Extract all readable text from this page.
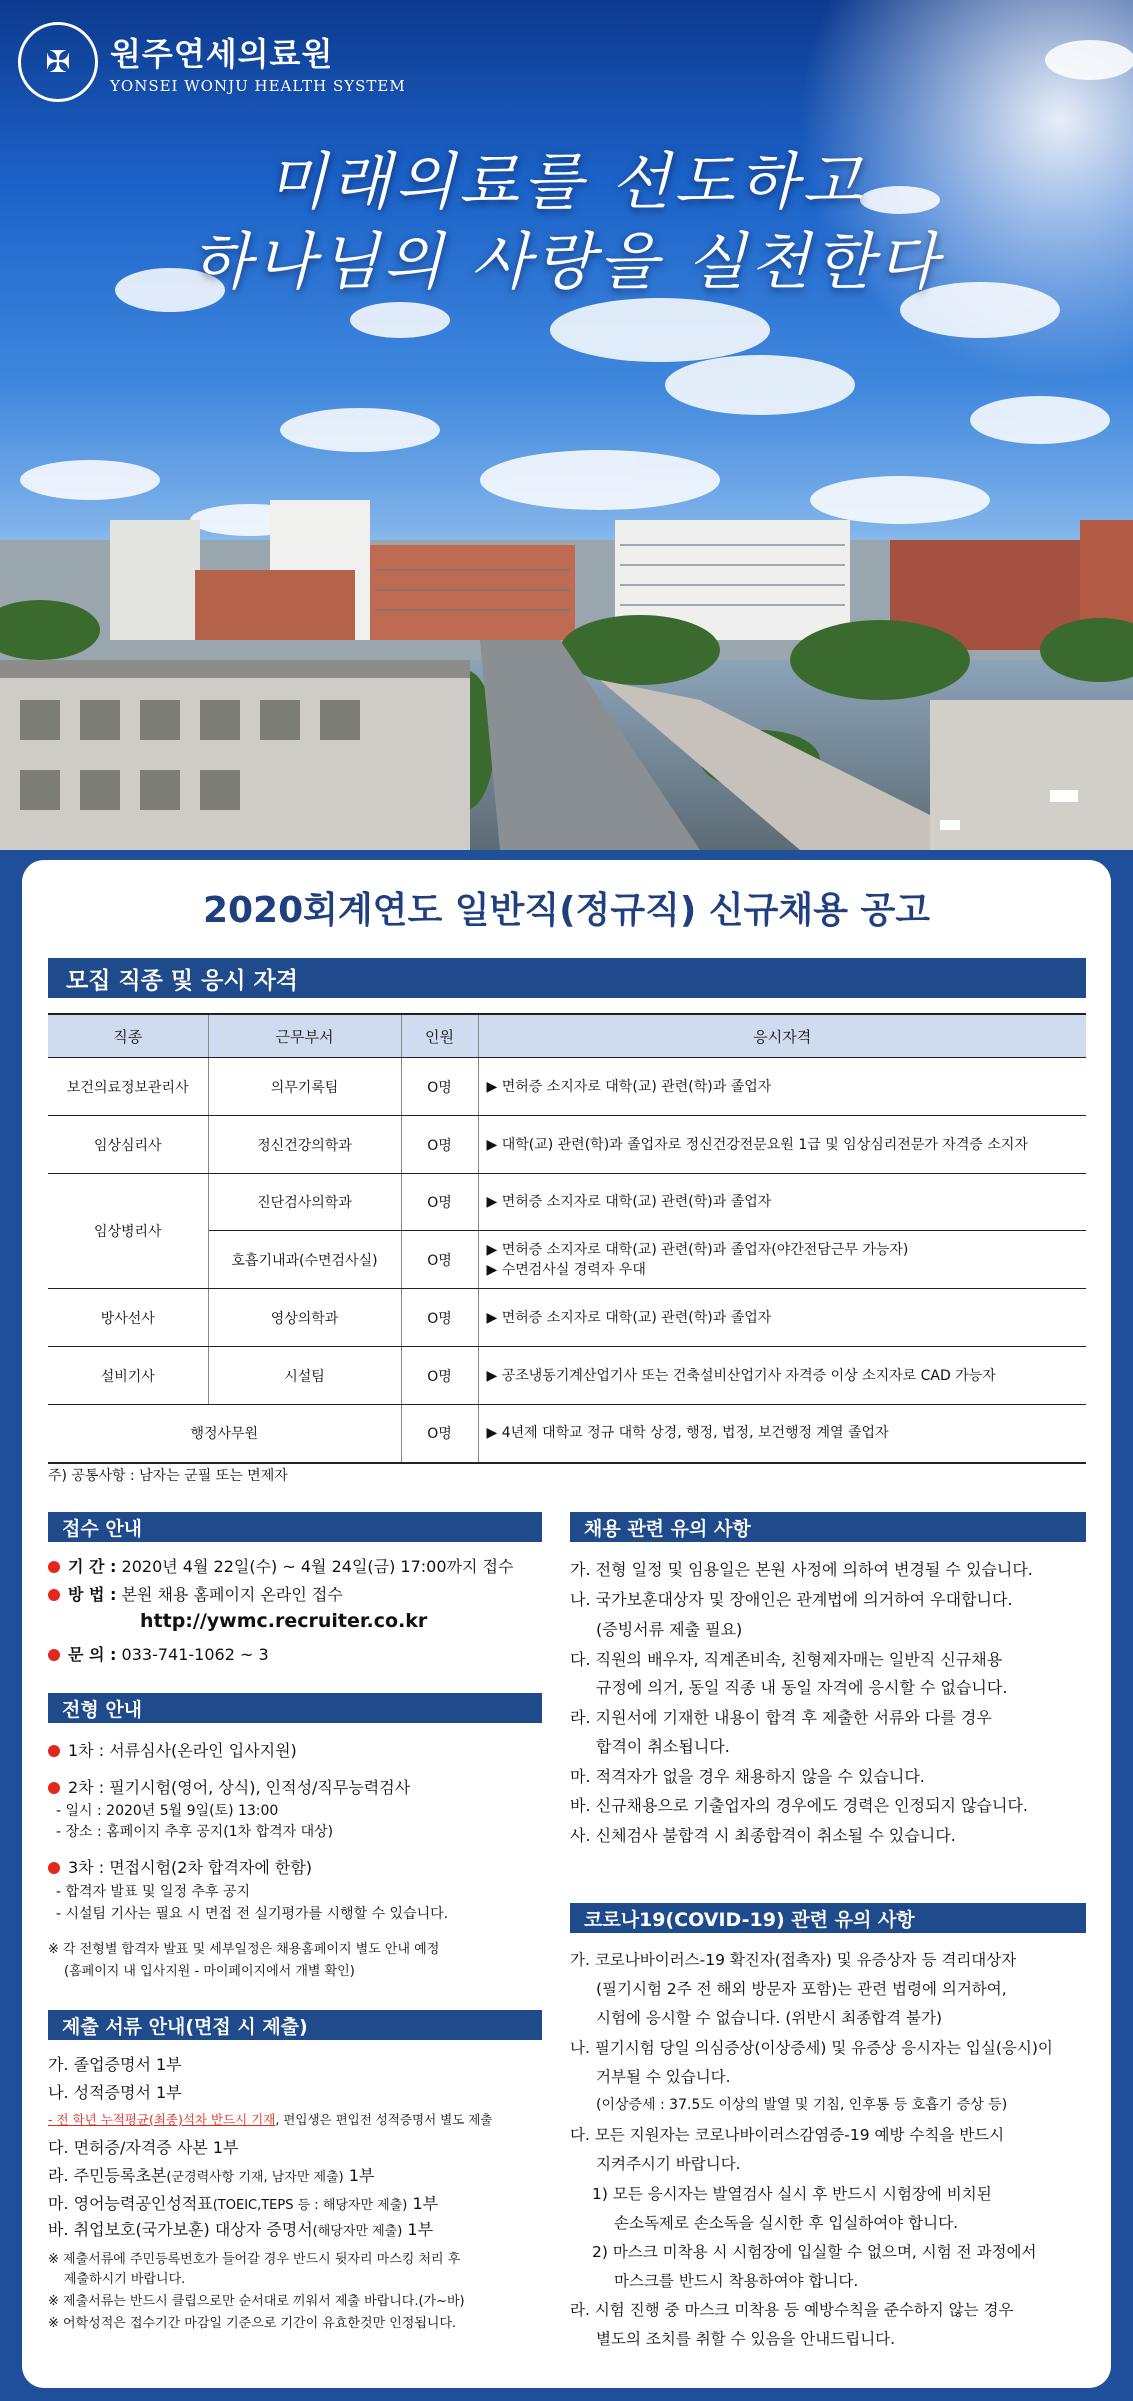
✠	원주연세의료원
YONSEI WONJU HEALTH SYSTEM
미래의료를 선도하고
하나님의 사랑을 실천한다
2020회계연도 일반직(정규직) 신규채용 공고
모집 직종 및 응시 자격
직종	근무부서	인원	응시자격
보건의료정보관리사	의무기록팀	O명	▶ 면허증 소지자로 대학(교) 관련(학)과 졸업자

임상심리사	정신건강의학과	O명	▶ 대학(교) 관련(학)과 졸업자로 정신건강전문요원 1급 및 임상심리전문가 자격증 소지자

임상병리사	진단검사의학과	O명	▶ 면허증 소지자로 대학(교) 관련(학)과 졸업자

	호흡기내과(수면검사실)	O명	▶ 면허증 소지자로 대학(교) 관련(학)과 졸업자(야간전담근무 가능자)
▶ 수면검사실 경력자 우대

방사선사	영상의학과	O명	▶ 면허증 소지자로 대학(교) 관련(학)과 졸업자

설비기사	시설팀	O명	▶ 공조냉동기계산업기사 또는 건축설비산업기사 자격증 이상 소지자로 CAD 가능자

행정사무원		O명	▶ 4년제 대학교 정규 대학 상경, 행정, 법정, 보건행정 계열 졸업자
주) 공통사항 : 남자는 군필 또는 면제자
접수 안내
기 간 : 2020년 4월 22일(수) ~ 4월 24일(금) 17:00까지 접수
방 법 : 본원 채용 홈페이지 온라인 접수
http://ywmc.recruiter.co.kr
문 의 : 033-741-1062 ~ 3
전형 안내
1차 : 서류심사(온라인 입사지원)
2차 : 필기시험(영어, 상식), 인적성/직무능력검사
- 일시 : 2020년 5월 9일(토) 13:00
- 장소 : 홈페이지 추후 공지(1차 합격자 대상)
3차 : 면접시험(2차 합격자에 한함)
- 합격자 발표 및 일정 추후 공지
- 시설팀 기사는 필요 시 면접 전 실기평가를 시행할 수 있습니다.
※ 각 전형별 합격자 발표 및 세부일정은 채용홈페이지 별도 안내 예정
(홈페이지 내 입사지원 - 마이페이지에서 개별 확인)
제출 서류 안내(면접 시 제출)
가. 졸업증명서 1부
나. 성적증명서 1부
- 전 학년 누적평균(최종)석차 반드시 기재, 편입생은 편입전 성적증명서 별도 제출
다. 면허증/자격증 사본 1부
라. 주민등록초본(군경력사항 기재, 남자만 제출) 1부
마. 영어능력공인성적표(TOEIC,TEPS 등 : 해당자만 제출) 1부
바. 취업보호(국가보훈) 대상자 증명서(해당자만 제출) 1부
※ 제출서류에 주민등록번호가 들어갈 경우 반드시 뒷자리 마스킹 처리 후
제출하시기 바랍니다.
※ 제출서류는 반드시 클립으로만 순서대로 끼워서 제출 바랍니다.(가~바)
※ 어학성적은 접수기간 마감일 기준으로 기간이 유효한것만 인정됩니다.
채용 관련 유의 사항
가. 전형 일정 및 임용일은 본원 사정에 의하여 변경될 수 있습니다.
나. 국가보훈대상자 및 장애인은 관계법에 의거하여 우대합니다.
(증빙서류 제출 필요)
다. 직원의 배우자, 직계존비속, 친형제자매는 일반직 신규채용
규정에 의거, 동일 직종 내 동일 자격에 응시할 수 없습니다.
라. 지원서에 기재한 내용이 합격 후 제출한 서류와 다를 경우
합격이 취소됩니다.
마. 적격자가 없을 경우 채용하지 않을 수 있습니다.
바. 신규채용으로 기출업자의 경우에도 경력은 인정되지 않습니다.
사. 신체검사 불합격 시 최종합격이 취소될 수 있습니다.
코로나19(COVID-19) 관련 유의 사항
가. 코로나바이러스-19 확진자(접촉자) 및 유증상자 등 격리대상자
(필기시험 2주 전 해외 방문자 포함)는 관련 법령에 의거하여,
시험에 응시할 수 없습니다. (위반시 최종합격 불가)
나. 필기시험 당일 의심증상(이상증세) 및 유증상 응시자는 입실(응시)이
거부될 수 있습니다.
(이상증세 : 37.5도 이상의 발열 및 기침, 인후통 등 호흡기 증상 등)
다. 모든 지원자는 코로나바이러스감염증-19 예방 수칙을 반드시
지켜주시기 바랍니다.
1) 모든 응시자는 발열검사 실시 후 반드시 시험장에 비치된
손소독제로 손소독을 실시한 후 입실하여야 합니다.
2) 마스크 미착용 시 시험장에 입실할 수 없으며, 시험 전 과정에서
마스크를 반드시 착용하여야 합니다.
라. 시험 진행 중 마스크 미착용 등 예방수칙을 준수하지 않는 경우
별도의 조치를 취할 수 있음을 안내드립니다.
